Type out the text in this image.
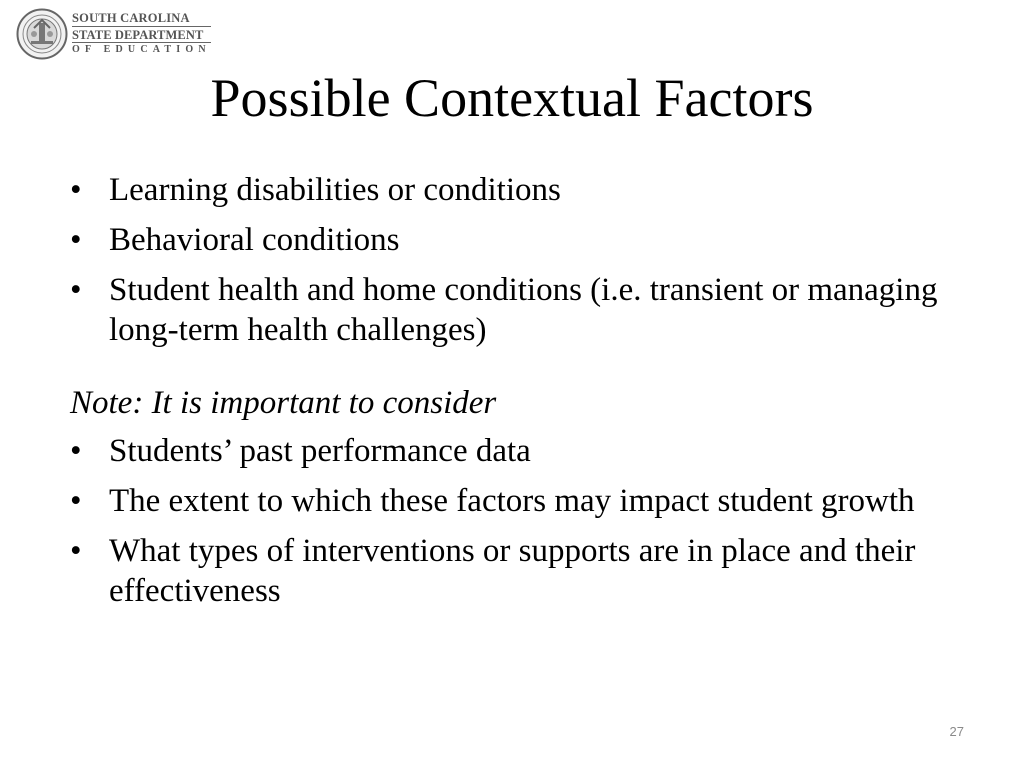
SOUTH CAROLINA
STATE DEPARTMENT
OF EDUCATION
Possible Contextual Factors
• Learning disabilities or conditions
• Behavioral conditions
• Student health and home conditions (i.e. transient or managing long-term health challenges)
Note: It is important to consider
• Students’ past performance data
• The extent to which these factors may impact student growth
• What types of interventions or supports are in place and their effectiveness
27
